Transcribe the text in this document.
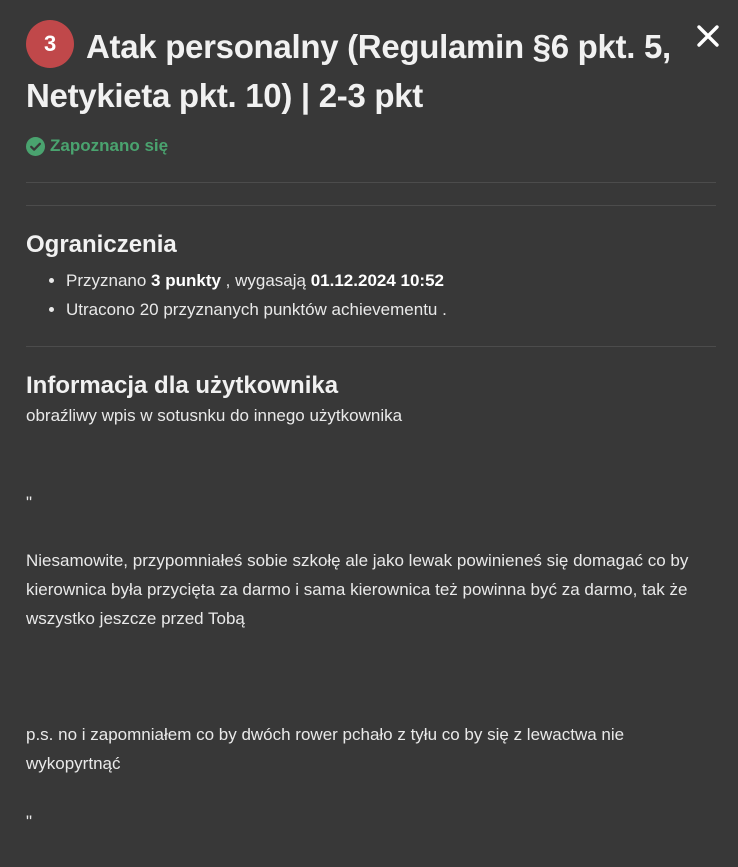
3 Atak personalny (Regulamin §6 pkt. 5, Netykieta pkt. 10) | 2-3 pkt
Zapoznano się
Ograniczenia
• Przyznano 3 punkty , wygasają 01.12.2024 10:52
• Utracono 20 przyznanych punktów achievementu .
Informacja dla użytkownika
obraźliwy wpis w sotusnku do innego użytkownika
"
Niesamowite, przypomniałeś sobie szkołę ale jako lewak powinieneś się domagać co by kierownica była przycięta za darmo i sama kierownica też powinna być za darmo, tak że wszystko jeszcze przed Tobą
p.s. no i zapomniałem co by dwóch rower pchało z tyłu co by się z lewactwa nie wykopyrtnąć
"
